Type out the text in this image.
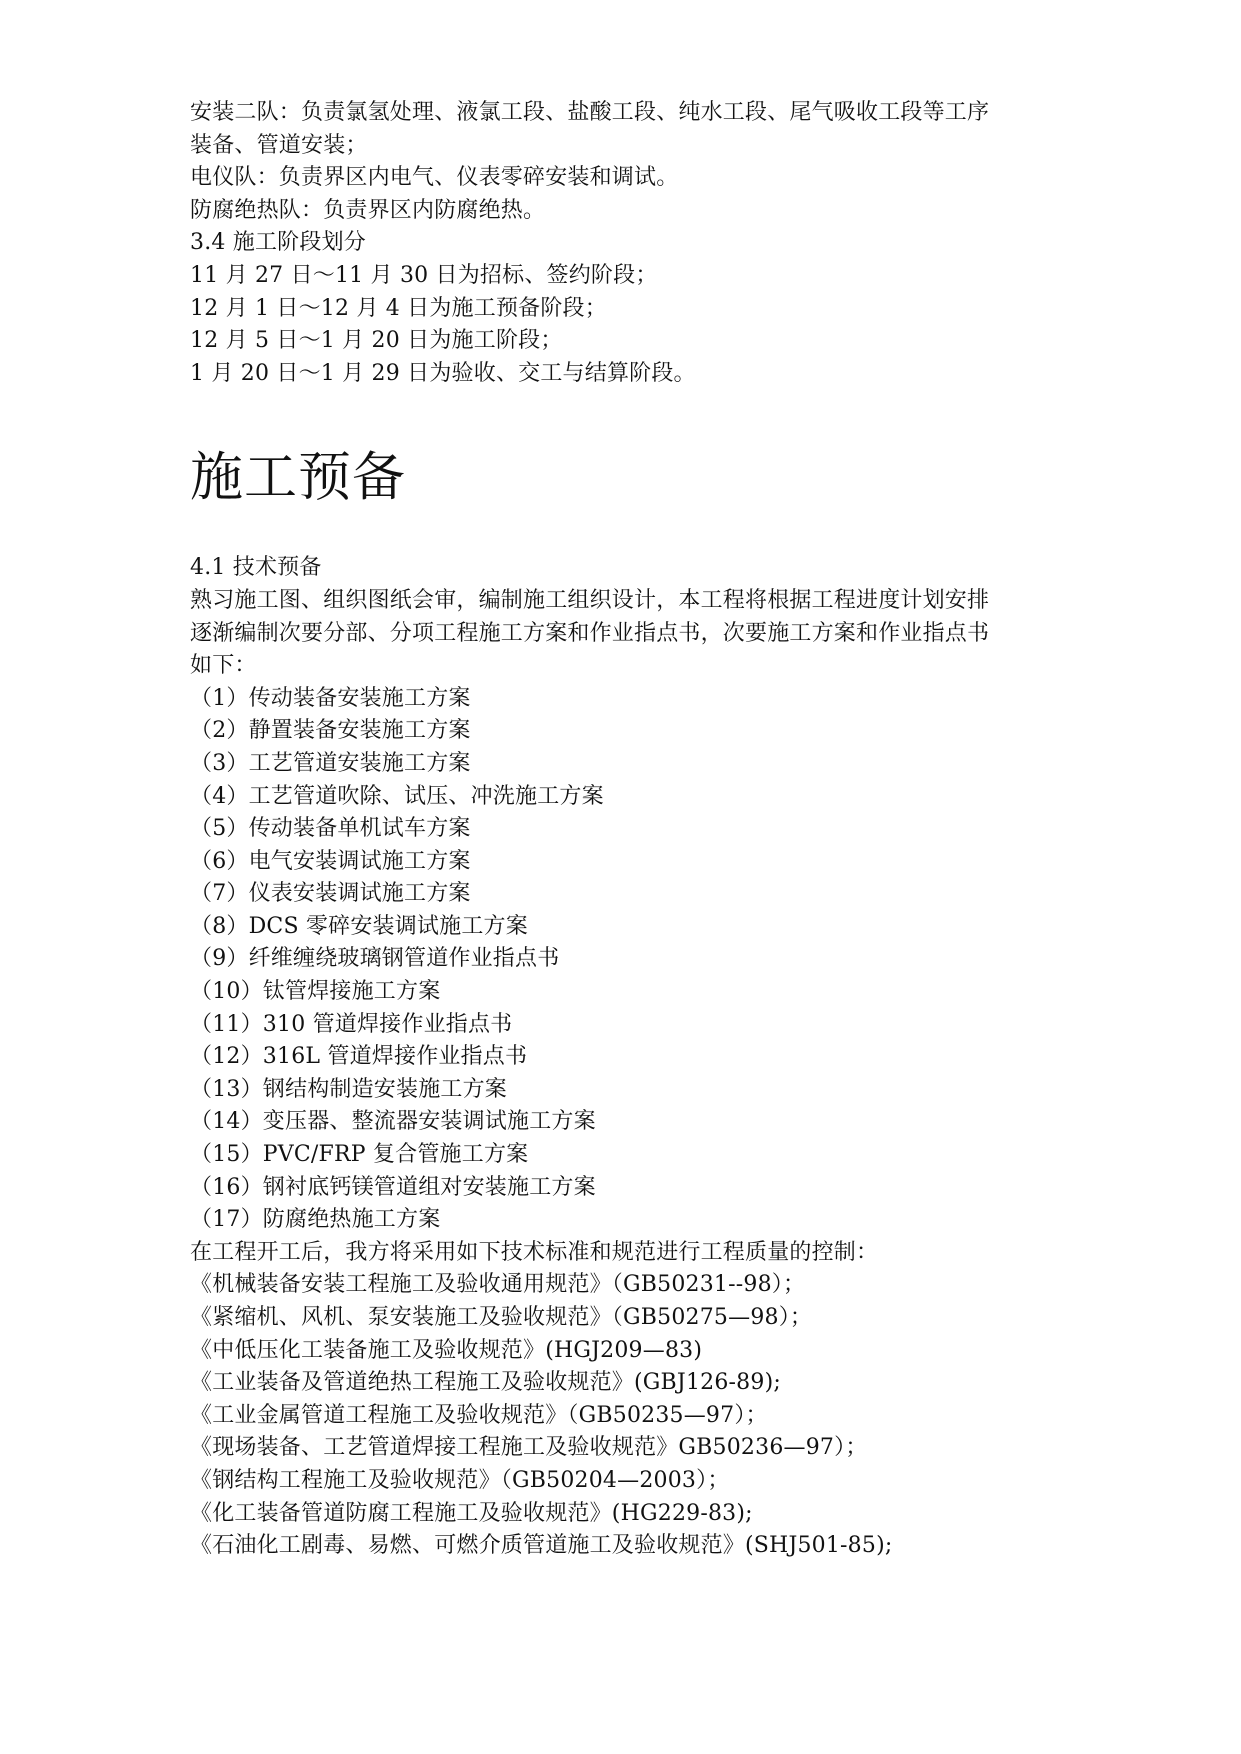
安装二队：负责氯氢处理、液氯工段、盐酸工段、纯水工段、尾气吸收工段等工序
装备、管道安装；
电仪队：负责界区内电气、仪表零碎安装和调试。
防腐绝热队：负责界区内防腐绝热。
3.4 施工阶段划分
11 月 27 日～11 月 30 日为招标、签约阶段；
12 月 1 日～12 月 4 日为施工预备阶段；
12 月 5 日～1 月 20 日为施工阶段；
1 月 20 日～1 月 29 日为验收、交工与结算阶段。
施工预备
4.1 技术预备
熟习施工图、组织图纸会审，编制施工组织设计，本工程将根据工程进度计划安排
逐渐编制次要分部、分项工程施工方案和作业指点书，次要施工方案和作业指点书
如下：
（1）传动装备安装施工方案
（2）静置装备安装施工方案
（3）工艺管道安装施工方案
（4）工艺管道吹除、试压、冲洗施工方案
（5）传动装备单机试车方案
（6）电气安装调试施工方案
（7）仪表安装调试施工方案
（8）DCS 零碎安装调试施工方案
（9）纤维缠绕玻璃钢管道作业指点书
（10）钛管焊接施工方案
（11）310 管道焊接作业指点书
（12）316L 管道焊接作业指点书
（13）钢结构制造安装施工方案
（14）变压器、整流器安装调试施工方案
（15）PVC/FRP 复合管施工方案
（16）钢衬底钙镁管道组对安装施工方案
（17）防腐绝热施工方案
在工程开工后，我方将采用如下技术标准和规范进行工程质量的控制：
《机械装备安装工程施工及验收通用规范》（GB50231--98）；
《紧缩机、风机、泵安装施工及验收规范》（GB50275—98）；
《中低压化工装备施工及验收规范》(HGJ209—83)
《工业装备及管道绝热工程施工及验收规范》(GBJ126-89);
《工业金属管道工程施工及验收规范》（GB50235—97）；
《现场装备、工艺管道焊接工程施工及验收规范》GB50236—97）；
《钢结构工程施工及验收规范》（GB50204—2003）；
《化工装备管道防腐工程施工及验收规范》(HG229-83);
《石油化工剧毒、易燃、可燃介质管道施工及验收规范》(SHJ501-85);
